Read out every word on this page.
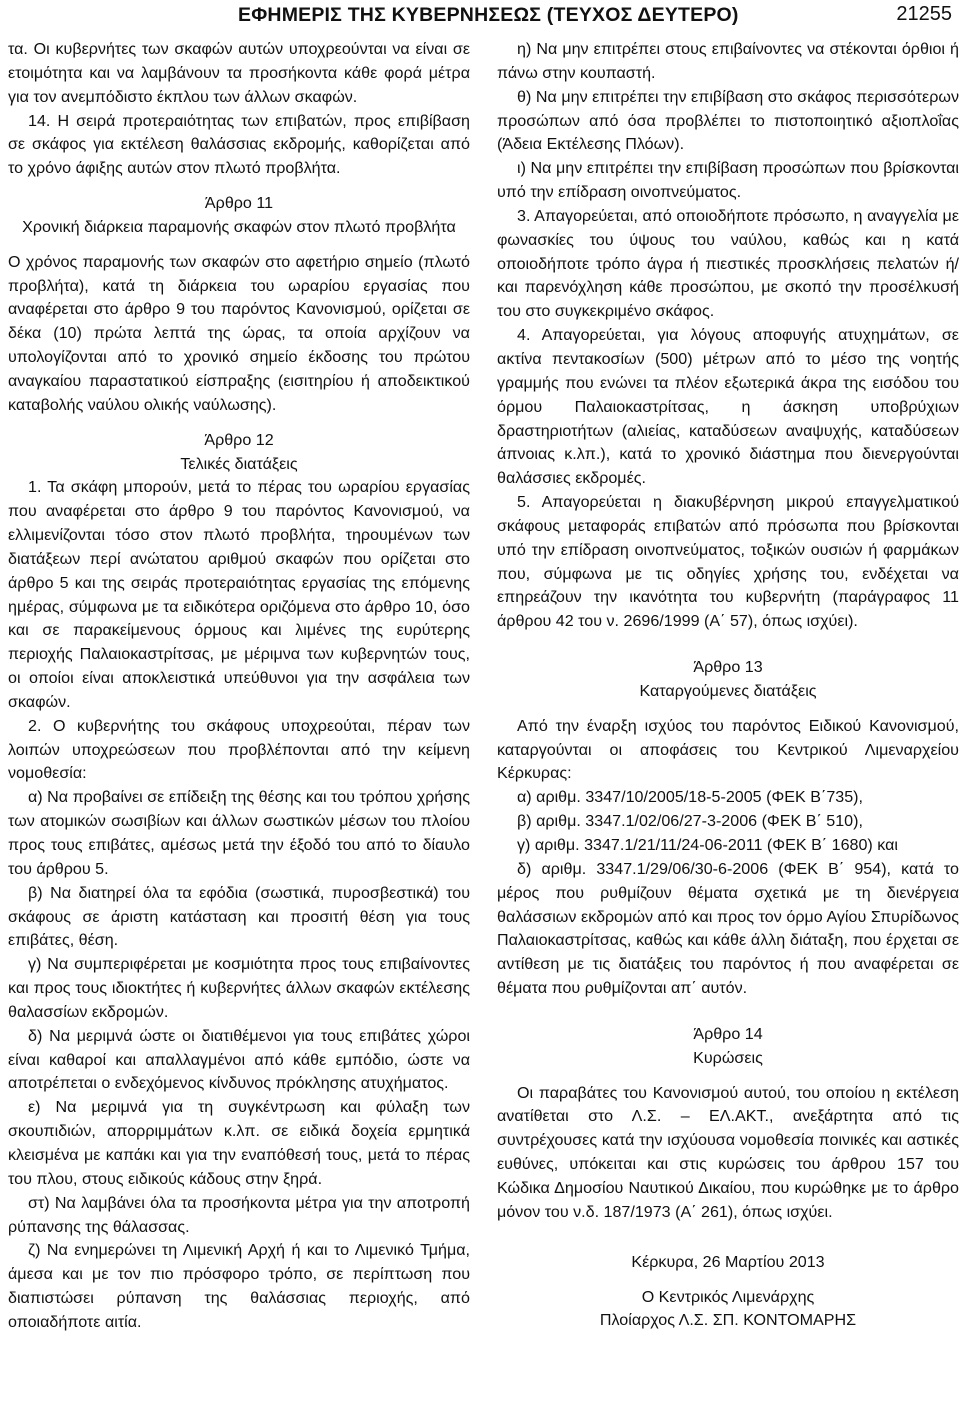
ΕΦΗΜΕΡΙΣ ΤΗΣ ΚΥΒΕΡΝΗΣΕΩΣ (ΤΕΥΧΟΣ ΔΕΥΤΕΡΟ)	21255

τα. Οι κυβερνήτες των σκαφών αυτών υποχρεούνται να είναι σε ετοιμότητα και να λαμβάνουν τα προσήκοντα κάθε φορά μέτρα για τον ανεμπόδιστο έκπλου των άλλων σκαφών.

14. Η σειρά προτεραιότητας των επιβατών, προς επιβίβαση σε σκάφος για εκτέλεση θαλάσσιας εκδρομής, καθορίζεται από το χρόνο άφιξης αυτών στον πλωτό προβλήτα.

Άρθρο 11
Χρονική διάρκεια παραμονής σκαφών στον πλωτό προβλήτα

Ο χρόνος παραμονής των σκαφών στο αφετήριο σημείο (πλωτό προβλήτα), κατά τη διάρκεια του ωραρίου εργασίας που αναφέρεται στο άρθρο 9 του παρόντος Κανονισμού, ορίζεται σε δέκα (10) πρώτα λεπτά της ώρας, τα οποία αρχίζουν να υπολογίζονται από το χρονικό σημείο έκδοσης του πρώτου αναγκαίου παραστατικού είσπραξης (εισιτηρίου ή αποδεικτικού καταβολής ναύλου ολικής ναύλωσης).

Άρθρο 12
Τελικές διατάξεις

1. Τα σκάφη μπορούν, μετά το πέρας του ωραρίου εργασίας που αναφέρεται στο άρθρο 9 του παρόντος Κανονισμού, να ελλιμενίζονται τόσο στον πλωτό προβλήτα, τηρουμένων των διατάξεων περί ανώτατου αριθμού σκαφών που ορίζεται στο άρθρο 5 και της σειράς προτεραιότητας εργασίας της επόμενης ημέρας, σύμφωνα με τα ειδικότερα οριζόμενα στο άρθρο 10, όσο και σε παρακείμενους όρμους και λιμένες της ευρύτερης περιοχής Παλαιοκαστρίτσας, με μέριμνα των κυβερνητών τους, οι οποίοι είναι αποκλειστικά υπεύθυνοι για την ασφάλεια των σκαφών.

2. Ο κυβερνήτης του σκάφους υποχρεούται, πέραν των λοιπών υποχρεώσεων που προβλέπονται από την κείμενη νομοθεσία:

α) Να προβαίνει σε επίδειξη της θέσης και του τρόπου χρήσης των ατομικών σωσιβίων και άλλων σωστικών μέσων του πλοίου προς τους επιβάτες, αμέσως μετά την έξοδό του από το δίαυλο του άρθρου 5.

β) Να διατηρεί όλα τα εφόδια (σωστικά, πυροσβεστικά) του σκάφους σε άριστη κατάσταση και προσιτή θέση για τους επιβάτες, θέση.

γ) Να συμπεριφέρεται με κοσμιότητα προς τους επιβαίνοντες και προς τους ιδιοκτήτες ή κυβερνήτες άλλων σκαφών εκτέλεσης θαλασσίων εκδρομών.

δ) Να μεριμνά ώστε οι διατιθέμενοι για τους επιβάτες χώροι είναι καθαροί και απαλλαγμένοι από κάθε εμπόδιο, ώστε να αποτρέπεται ο ενδεχόμενος κίνδυνος πρόκλησης ατυχήματος.

ε) Να μεριμνά για τη συγκέντρωση και φύλαξη των σκουπιδιών, απορριμμάτων κ.λπ. σε ειδικά δοχεία ερμητικά κλεισμένα με καπάκι και για την εναπόθεσή τους, μετά το πέρας του πλου, στους ειδικούς κάδους στην ξηρά.

στ) Να λαμβάνει όλα τα προσήκοντα μέτρα για την αποτροπή ρύπανσης της θάλασσας.

ζ) Να ενημερώνει τη Λιμενική Αρχή ή και το Λιμενικό Τμήμα, άμεσα και με τον πιο πρόσφορο τρόπο, σε περίπτωση που διαπιστώσει ρύπανση της θαλάσσιας περιοχής, από οποιαδήποτε αιτία.

η) Να μην επιτρέπει στους επιβαίνοντες να στέκονται όρθιοι ή πάνω στην κουπαστή.

θ) Να μην επιτρέπει την επιβίβαση στο σκάφος περισσότερων προσώπων από όσα προβλέπει το πιστοποιητικό αξιοπλοΐας (Άδεια Εκτέλεσης Πλόων).

ι) Να μην επιτρέπει την επιβίβαση προσώπων που βρίσκονται υπό την επίδραση οινοπνεύματος.

3. Απαγορεύεται, από οποιοδήποτε πρόσωπο, η αναγγελία με φωνασκίες του ύψους του ναύλου, καθώς και η κατά οποιοδήποτε τρόπο άγρα ή πιεστικές προσκλήσεις πελατών ή/και παρενόχληση κάθε προσώπου, με σκοπό την προσέλκυσή του στο συγκεκριμένο σκάφος.

4. Απαγορεύεται, για λόγους αποφυγής ατυχημάτων, σε ακτίνα πεντακοσίων (500) μέτρων από το μέσο της νοητής γραμμής που ενώνει τα πλέον εξωτερικά άκρα της εισόδου του όρμου Παλαιοκαστρίτσας, η άσκηση υποβρύχιων δραστηριοτήτων (αλιείας, καταδύσεων αναψυχής, καταδύσεων άπνοιας κ.λπ.), κατά το χρονικό διάστημα που διενεργούνται θαλάσσιες εκδρομές.

5. Απαγορεύεται η διακυβέρνηση μικρού επαγγελματικού σκάφους μεταφοράς επιβατών από πρόσωπα που βρίσκονται υπό την επίδραση οινοπνεύματος, τοξικών ουσιών ή φαρμάκων που, σύμφωνα με τις οδηγίες χρήσης του, ενδέχεται να επηρεάζουν την ικανότητα του κυβερνήτη (παράγραφος 11 άρθρου 42 του ν. 2696/1999 (Α΄ 57), όπως ισχύει).

Άρθρο 13
Καταργούμενες διατάξεις

Από την έναρξη ισχύος του παρόντος Ειδικού Κανονισμού, καταργούνται οι αποφάσεις του Κεντρικού Λιμεναρχείου Κέρκυρας:

α) αριθμ. 3347/10/2005/18-5-2005 (ΦΕΚ Β΄735),

β) αριθμ. 3347.1/02/06/27-3-2006 (ΦΕΚ Β΄ 510),

γ) αριθμ. 3347.1/21/11/24-06-2011 (ΦΕΚ Β΄ 1680) και

δ) αριθμ. 3347.1/29/06/30-6-2006 (ΦΕΚ Β΄ 954), κατά το μέρος που ρυθμίζουν θέματα σχετικά με τη διενέργεια θαλάσσιων εκδρομών από και προς τον όρμο Αγίου Σπυρίδωνος Παλαιοκαστρίτσας, καθώς και κάθε άλλη διάταξη, που έρχεται σε αντίθεση με τις διατάξεις του παρόντος ή που αναφέρεται σε θέματα που ρυθμίζονται απ΄ αυτόν.

Άρθρο 14
Κυρώσεις

Οι παραβάτες του Κανονισμού αυτού, του οποίου η εκτέλεση ανατίθεται στο Λ.Σ. – ΕΛ.ΑΚΤ., ανεξάρτητα από τις συντρέχουσες κατά την ισχύουσα νομοθεσία ποινικές και αστικές ευθύνες, υπόκειται και στις κυρώσεις του άρθρου 157 του Κώδικα Δημοσίου Ναυτικού Δικαίου, που κυρώθηκε με το άρθρο μόνον του ν.δ. 187/1973 (Α΄ 261), όπως ισχύει.

Κέρκυρα, 26 Μαρτίου 2013
Ο Κεντρικός Λιμενάρχης
Πλοίαρχος Λ.Σ. ΣΠ. ΚΟΝΤΟΜΑΡΗΣ
